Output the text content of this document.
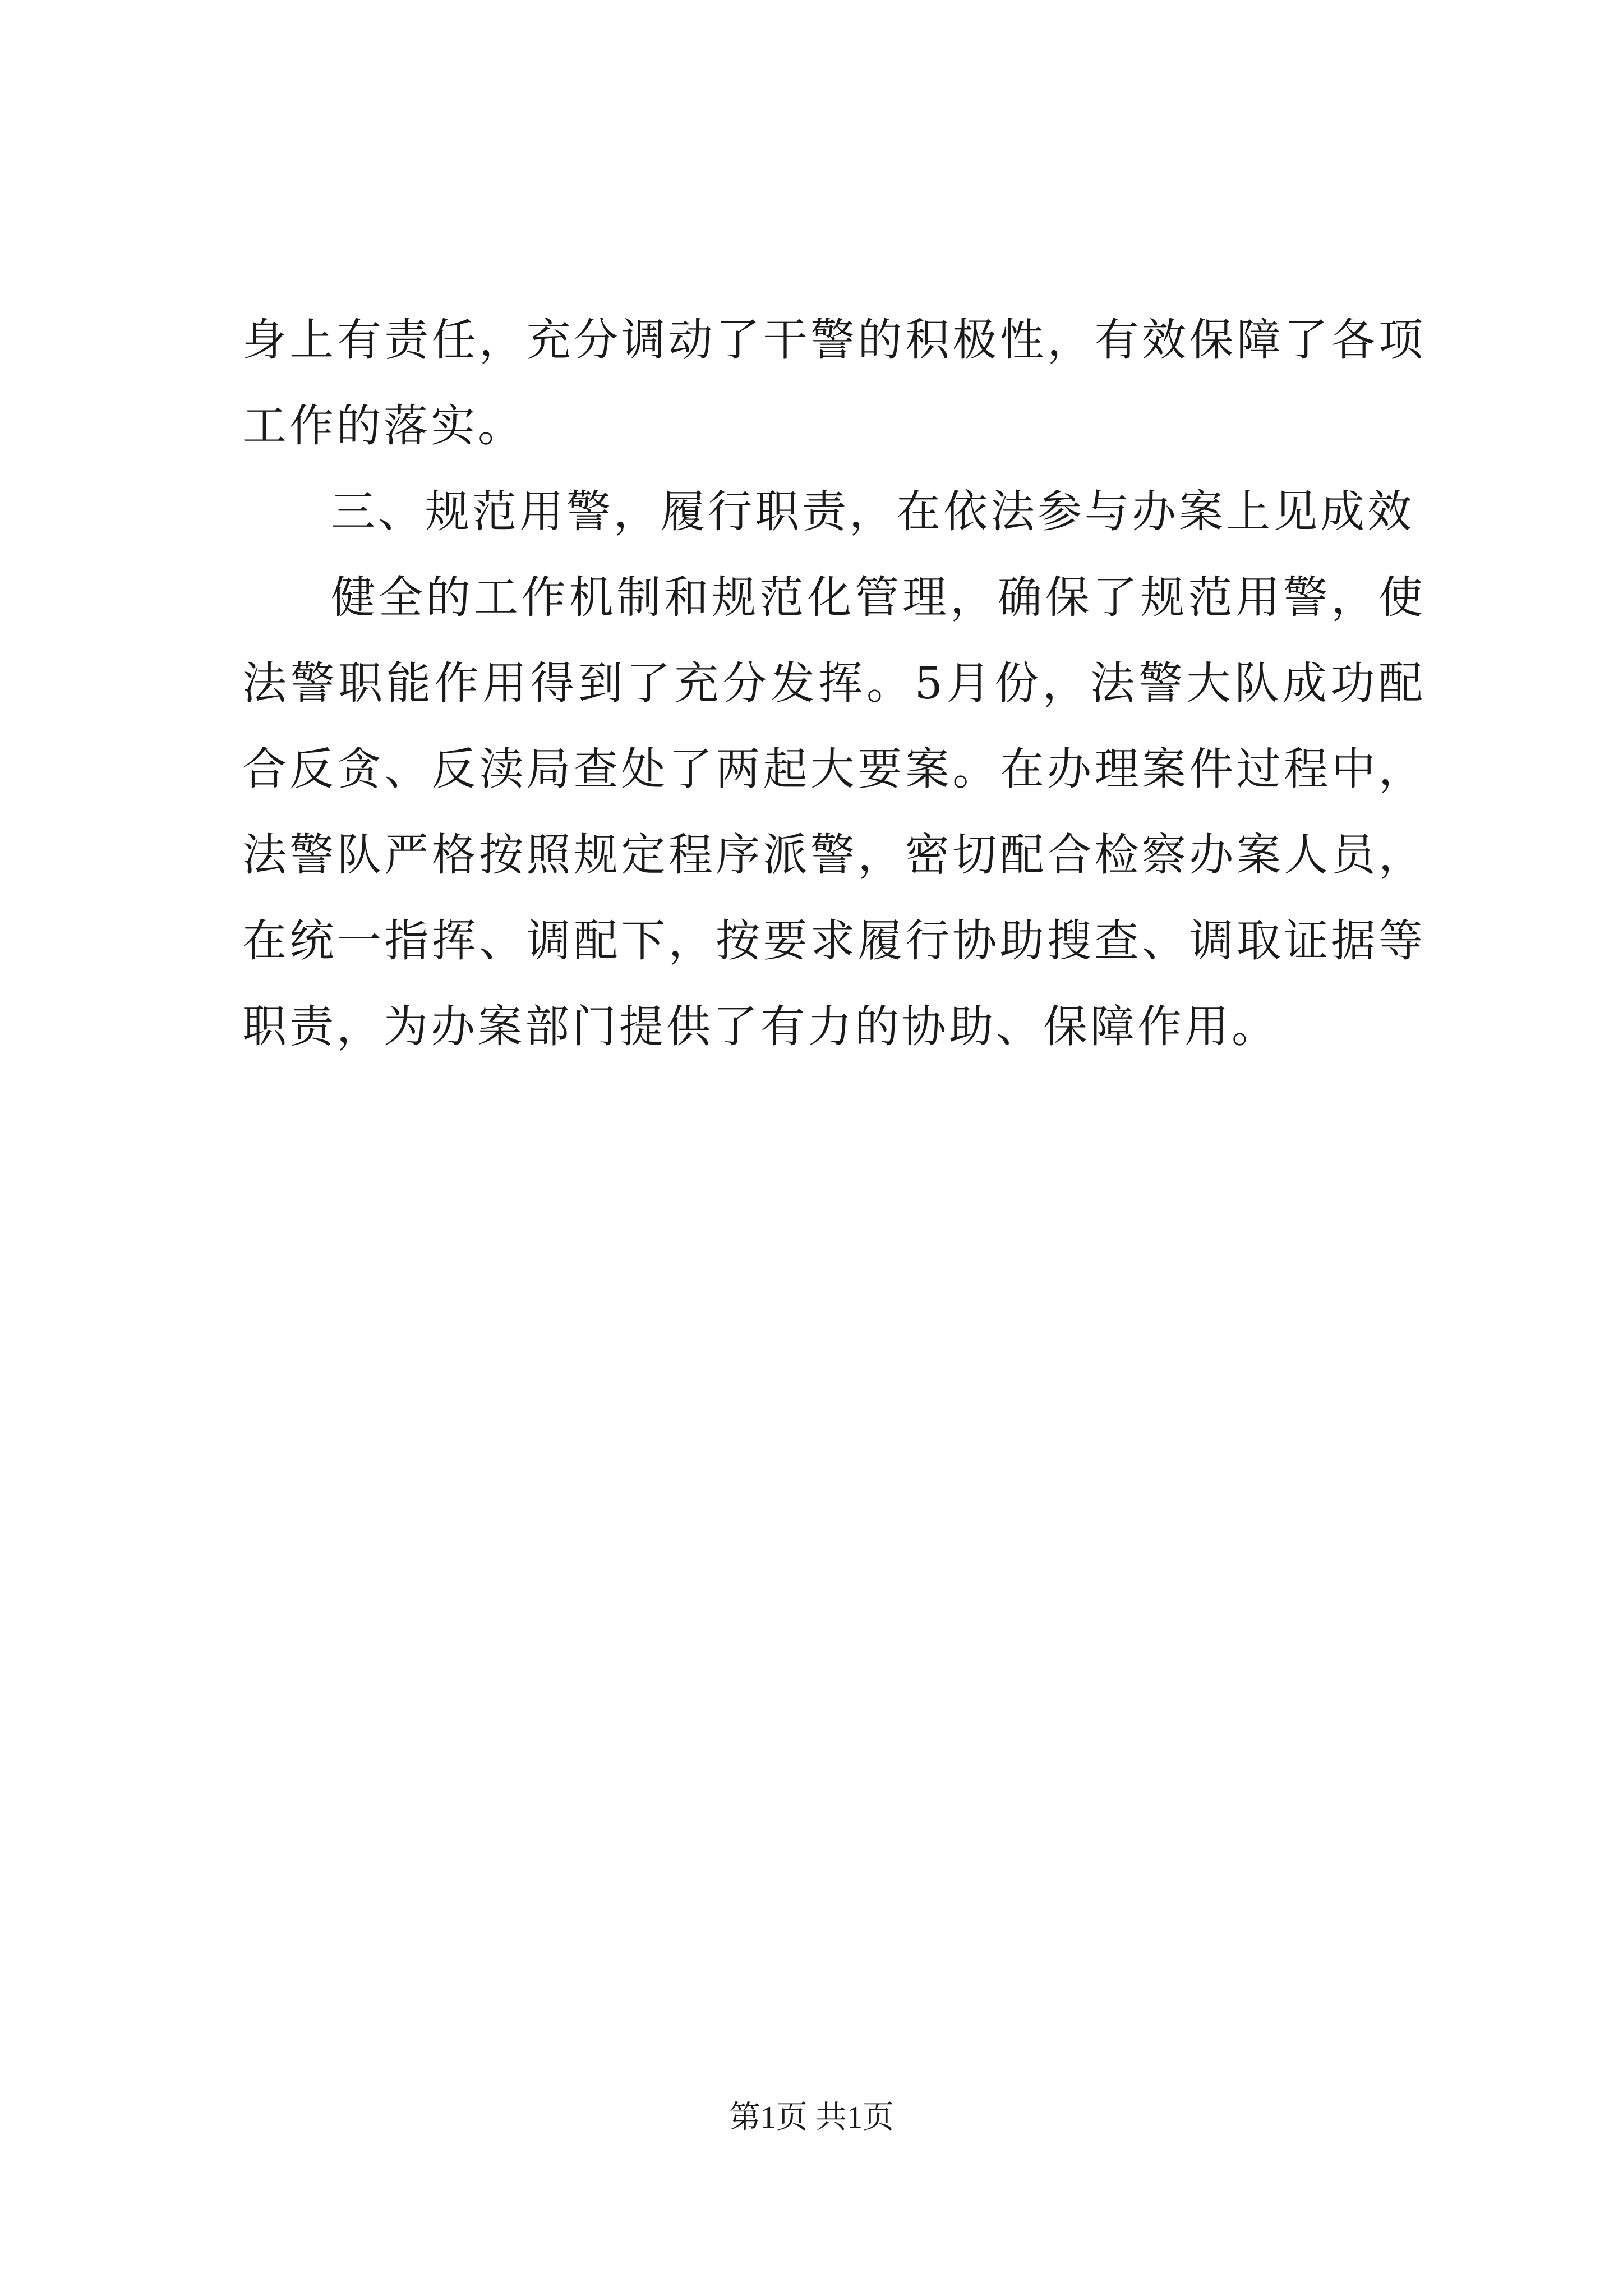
身上有责任，充分调动了干警的积极性，有效保障了各项工作的落实。

三、规范用警，履行职责，在依法参与办案上见成效

健全的工作机制和规范化管理，确保了规范用警，使法警职能作用得到了充分发挥。5月份，法警大队成功配合反贪、反渎局查处了两起大要案。在办理案件过程中，法警队严格按照规定程序派警，密切配合检察办案人员，在统一指挥、调配下，按要求履行协助搜查、调取证据等职责，为办案部门提供了有力的协助、保障作用。

第1页 共1页
